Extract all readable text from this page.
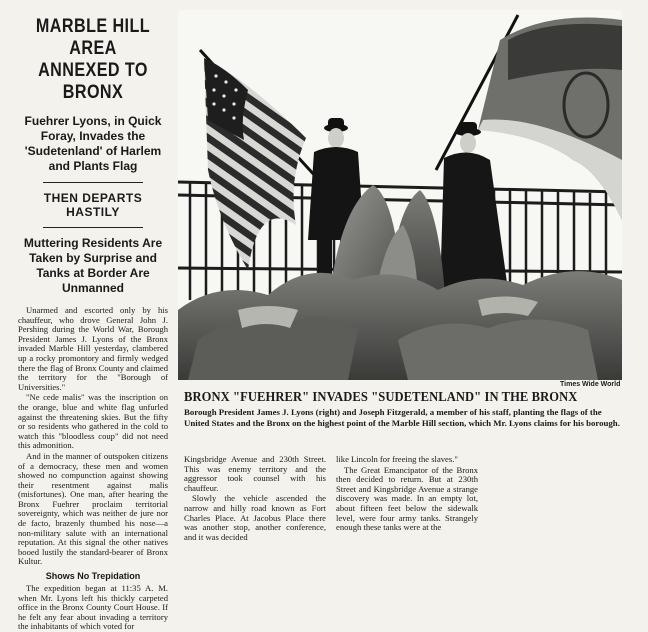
MARBLE HILL AREA
ANNEXED TO BRONX

Fuehrer Lyons, in Quick Foray, Invades the 'Sudetenland' of Harlem and Plants Flag

THEN DEPARTS HASTILY

Muttering Residents Are Taken by Surprise and Tanks at Border Are Unmanned

Unarmed and escorted only by his chauffeur, who drove General John J. Pershing during the World War, Borough President James J. Lyons of the Bronx invaded Marble Hill yesterday, clambered up a rocky promontory and firmly wedged there the flag of Bronx County and claimed the territory for the "Borough of Universities."

"Ne cede malis" was the inscription on the orange, blue and white flag unfurled against the threatening skies. But the fifty or so residents who gathered in the cold to watch this "bloodless coup" did not need this admonition.

And in the manner of outspoken citizens of a democracy, these men and women showed no compunction against showing their resentment against malis (misfortunes). One man, after hearing the Bronx Fuehrer proclaim territorial sovereignty, which was neither de jure nor de facto, brazenly thumbed his nose—a non-military salute with an international reputation. At this signal the other natives booed lustily the standard-bearer of Bronx Kultur.

Shows No Trepidation

The expedition began at 11:35 A. M. when Mr. Lyons left his thickly carpeted office in the Bronx County Court House. If he felt any fear about invading a territory the inhabitants of which voted for

Times Wide World
BRONX "FUEHRER" INVADES "SUDETENLAND" IN THE BRONX
Borough President James J. Lyons (right) and Joseph Fitzgerald, a member of his staff, planting the flags of the United States and the Bronx on the highest point of the Marble Hill section, which Mr. Lyons claims for his borough.

Kingsbridge Avenue and 230th Street. This was enemy territory and the aggressor took counsel with his chauffeur.

Slowly the vehicle ascended the narrow and hilly road known as Fort Charles Place. At Jacobus Place there was another stop, another conference, and it was decided

like Lincoln for freeing the slaves."

The Great Emancipator of the Bronx then decided to return. But at 230th Street and Kingsbridge Avenue a strange discovery was made. In an empty lot, about fifteen feet below the sidewalk level, were four army tanks. Strangely enough these tanks were at the
